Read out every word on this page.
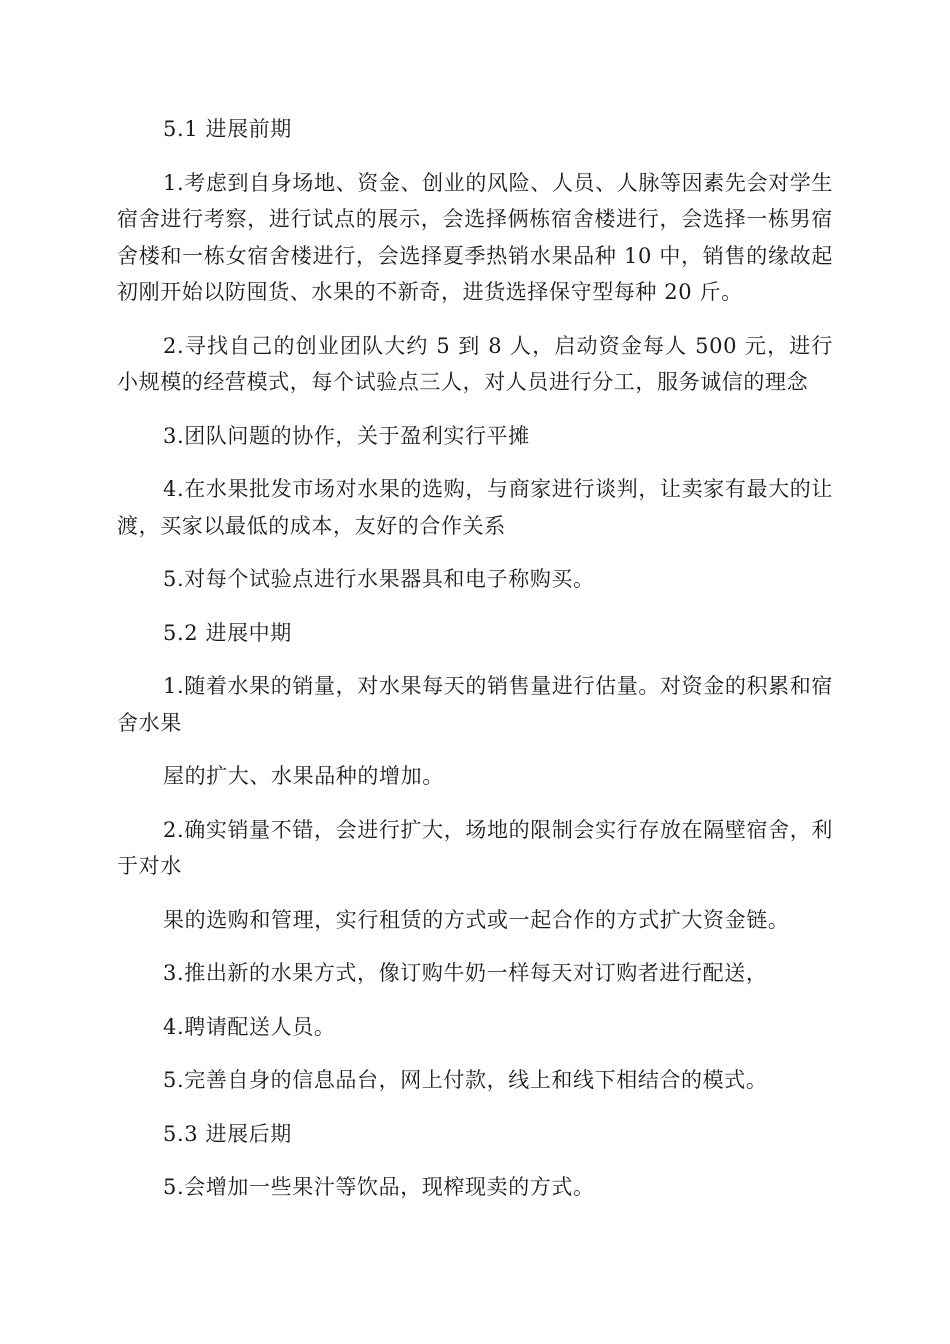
5.1 进展前期

1.考虑到自身场地、资金、创业的风险、人员、人脉等因素先会对学生宿舍进行考察，进行试点的展示，会选择俩栋宿舍楼进行，会选择一栋男宿舍楼和一栋女宿舍楼进行，会选择夏季热销水果品种 10 中，销售的缘故起初刚开始以防囤货、水果的不新奇，进货选择保守型每种 20 斤。

2.寻找自己的创业团队大约 5 到 8 人，启动资金每人 500 元，进行小规模的经营模式，每个试验点三人，对人员进行分工，服务诚信的理念

3.团队问题的协作，关于盈利实行平摊

4.在水果批发市场对水果的选购，与商家进行谈判，让卖家有最大的让渡，买家以最低的成本，友好的合作关系

5.对每个试验点进行水果器具和电子称购买。

5.2 进展中期

1.随着水果的销量，对水果每天的销售量进行估量。对资金的积累和宿舍水果

屋的扩大、水果品种的增加。

2.确实销量不错，会进行扩大，场地的限制会实行存放在隔壁宿舍，利于对水

果的选购和管理，实行租赁的方式或一起合作的方式扩大资金链。

3.推出新的水果方式，像订购牛奶一样每天对订购者进行配送，

4.聘请配送人员。

5.完善自身的信息品台，网上付款，线上和线下相结合的模式。

5.3 进展后期

5.会增加一些果汁等饮品，现榨现卖的方式。
